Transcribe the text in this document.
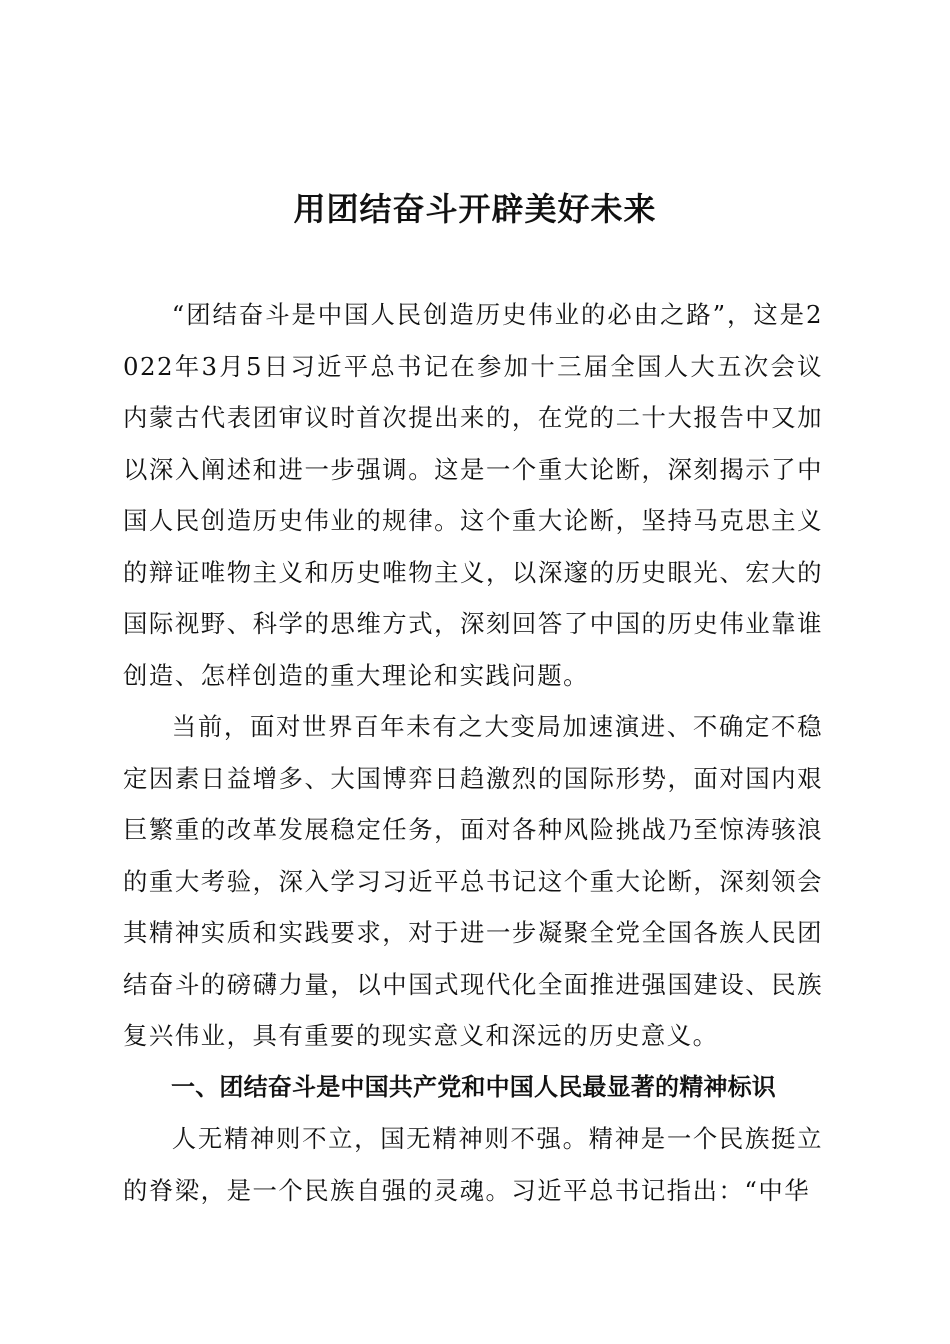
用团结奋斗开辟美好未来

“团结奋斗是中国人民创造历史伟业的必由之路”，这是2022年3月5日习近平总书记在参加十三届全国人大五次会议内蒙古代表团审议时首次提出来的，在党的二十大报告中又加以深入阐述和进一步强调。这是一个重大论断，深刻揭示了中国人民创造历史伟业的规律。这个重大论断，坚持马克思主义的辩证唯物主义和历史唯物主义，以深邃的历史眼光、宏大的国际视野、科学的思维方式，深刻回答了中国的历史伟业靠谁创造、怎样创造的重大理论和实践问题。

当前，面对世界百年未有之大变局加速演进、不确定不稳定因素日益增多、大国博弈日趋激烈的国际形势，面对国内艰巨繁重的改革发展稳定任务，面对各种风险挑战乃至惊涛骇浪的重大考验，深入学习习近平总书记这个重大论断，深刻领会其精神实质和实践要求，对于进一步凝聚全党全国各族人民团结奋斗的磅礴力量，以中国式现代化全面推进强国建设、民族复兴伟业，具有重要的现实意义和深远的历史意义。

一、团结奋斗是中国共产党和中国人民最显著的精神标识

人无精神则不立，国无精神则不强。精神是一个民族挺立的脊梁，是一个民族自强的灵魂。习近平总书记指出：“中华
